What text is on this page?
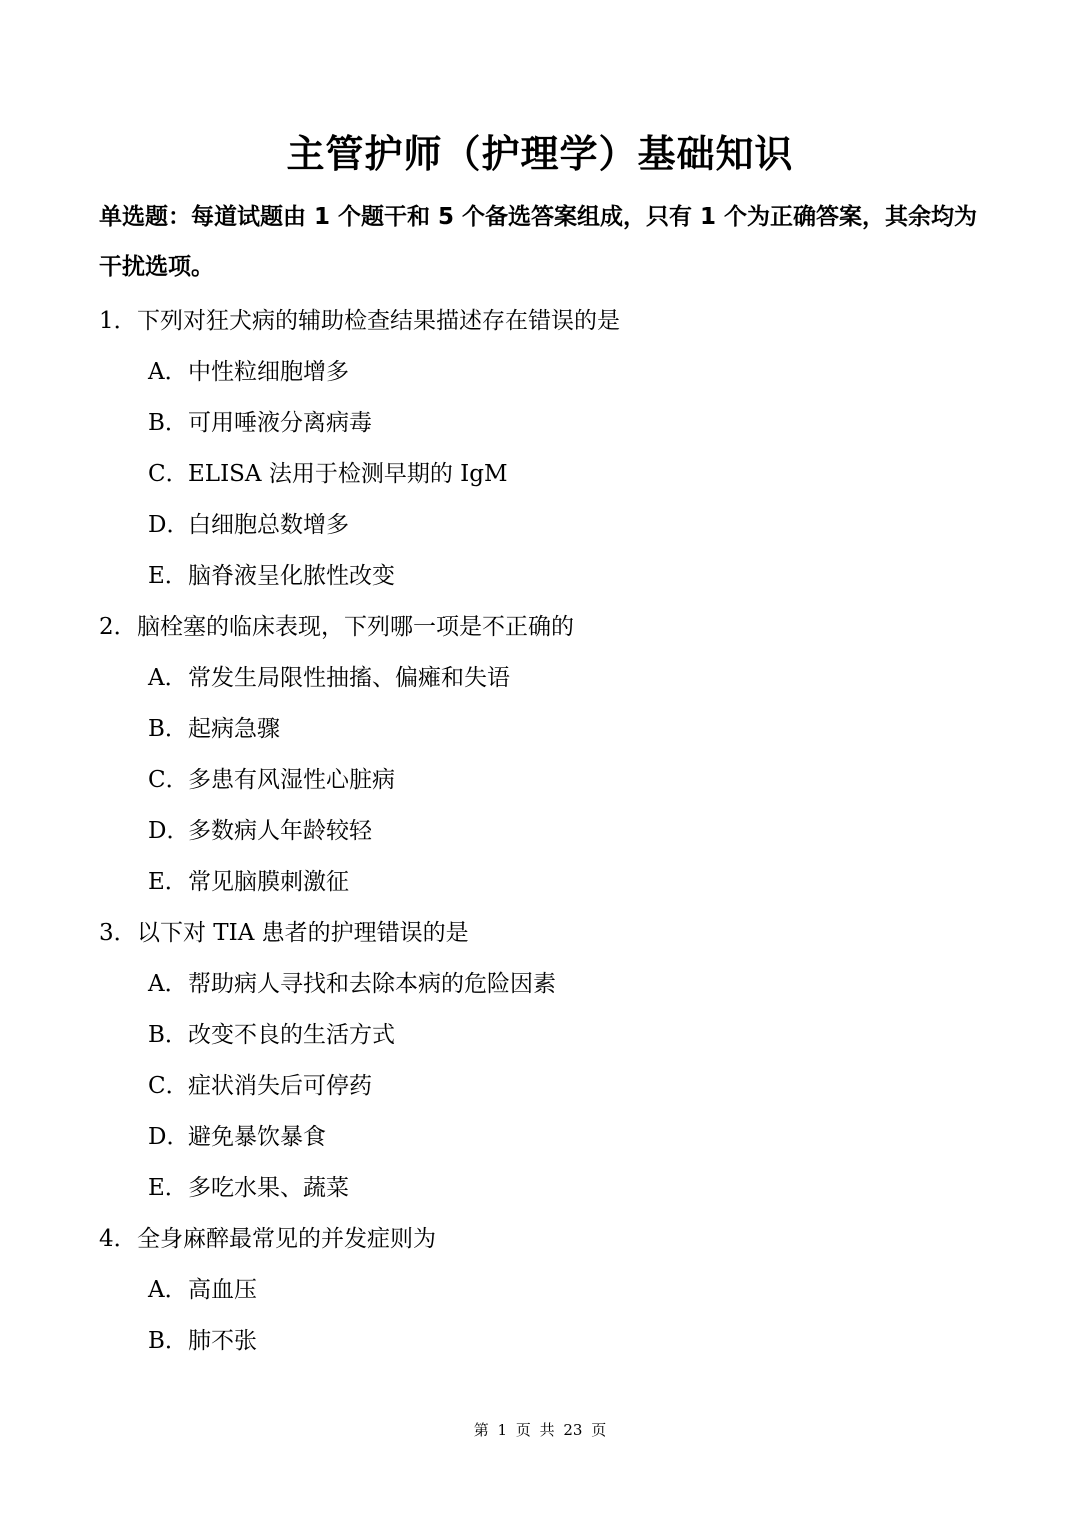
主管护师（护理学）基础知识

单选题：每道试题由 1 个题干和 5 个备选答案组成，只有 1 个为正确答案，其余均为干扰选项。

1．下列对狂犬病的辅助检查结果描述存在错误的是
A．中性粒细胞增多
B．可用唾液分离病毒
C．ELISA 法用于检测早期的 IgM
D．白细胞总数增多
E．脑脊液呈化脓性改变
2．脑栓塞的临床表现，下列哪一项是不正确的
A．常发生局限性抽搐、偏瘫和失语
B．起病急骤
C．多患有风湿性心脏病
D．多数病人年龄较轻
E．常见脑膜刺激征
3．以下对 TIA 患者的护理错误的是
A．帮助病人寻找和去除本病的危险因素
B．改变不良的生活方式
C．症状消失后可停药
D．避免暴饮暴食
E．多吃水果、蔬菜
4．全身麻醉最常见的并发症则为
A．高血压
B．肺不张
第 1 页 共 23 页
